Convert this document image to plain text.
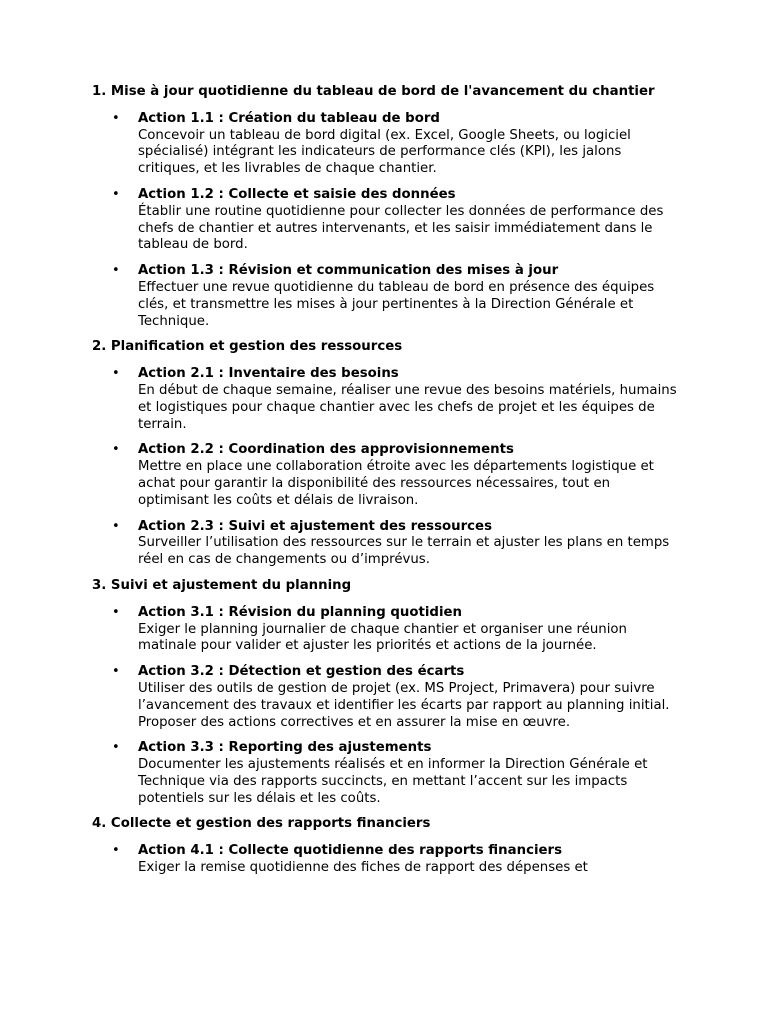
1. Mise à jour quotidienne du tableau de bord de l'avancement du chantier

• Action 1.1 : Création du tableau de bord
Concevoir un tableau de bord digital (ex. Excel, Google Sheets, ou logiciel spécialisé) intégrant les indicateurs de performance clés (KPI), les jalons critiques, et les livrables de chaque chantier.
• Action 1.2 : Collecte et saisie des données
Établir une routine quotidienne pour collecter les données de performance des chefs de chantier et autres intervenants, et les saisir immédiatement dans le tableau de bord.
• Action 1.3 : Révision et communication des mises à jour
Effectuer une revue quotidienne du tableau de bord en présence des équipes clés, et transmettre les mises à jour pertinentes à la Direction Générale et Technique.

2. Planification et gestion des ressources

• Action 2.1 : Inventaire des besoins
En début de chaque semaine, réaliser une revue des besoins matériels, humains et logistiques pour chaque chantier avec les chefs de projet et les équipes de terrain.
• Action 2.2 : Coordination des approvisionnements
Mettre en place une collaboration étroite avec les départements logistique et achat pour garantir la disponibilité des ressources nécessaires, tout en optimisant les coûts et délais de livraison.
• Action 2.3 : Suivi et ajustement des ressources
Surveiller l’utilisation des ressources sur le terrain et ajuster les plans en temps réel en cas de changements ou d’imprévus.

3. Suivi et ajustement du planning

• Action 3.1 : Révision du planning quotidien
Exiger le planning journalier de chaque chantier et organiser une réunion matinale pour valider et ajuster les priorités et actions de la journée.
• Action 3.2 : Détection et gestion des écarts
Utiliser des outils de gestion de projet (ex. MS Project, Primavera) pour suivre l’avancement des travaux et identifier les écarts par rapport au planning initial. Proposer des actions correctives et en assurer la mise en œuvre.
• Action 3.3 : Reporting des ajustements
Documenter les ajustements réalisés et en informer la Direction Générale et Technique via des rapports succincts, en mettant l’accent sur les impacts potentiels sur les délais et les coûts.

4. Collecte et gestion des rapports financiers

• Action 4.1 : Collecte quotidienne des rapports financiers
Exiger la remise quotidienne des fiches de rapport des dépenses et
